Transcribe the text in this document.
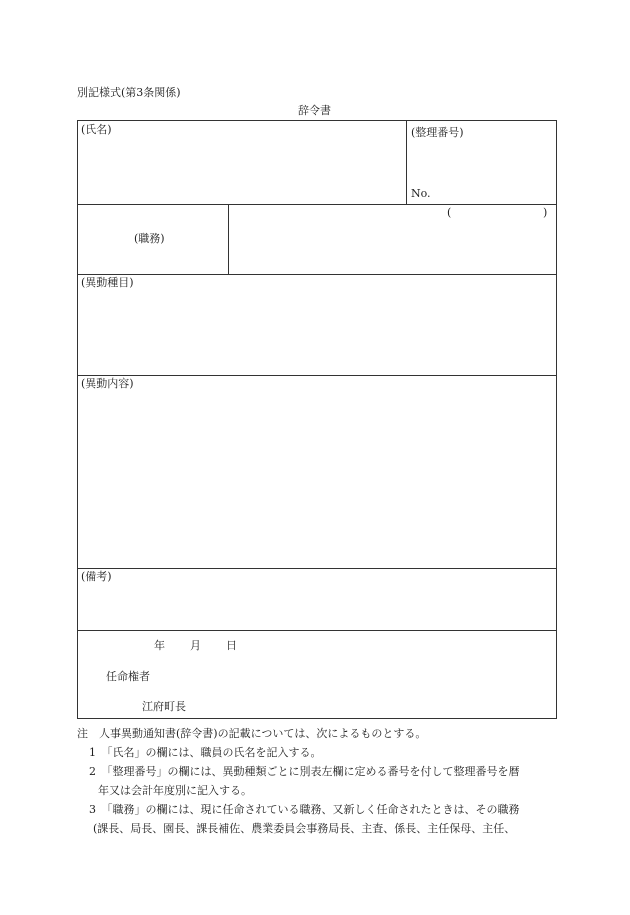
別記様式(第3条関係)
辞令書
(氏名)	(整理番号)
No.
(職務)
(	)
(異動種目)
(異動内容)
(備考)
年 月 日
任命権者
江府町長
注　人事異動通知書(辞令書)の記載については、次によるものとする。
1　「氏名」の欄には、職員の氏名を記入する。
2　「整理番号」の欄には、異動種類ごとに別表左欄に定める番号を付して整理番号を暦
年又は会計年度別に記入する。
3　「職務」の欄には、現に任命されている職務、又新しく任命されたときは、その職務
(課長、局長、園長、課長補佐、農業委員会事務局長、主査、係長、主任保母、主任、
